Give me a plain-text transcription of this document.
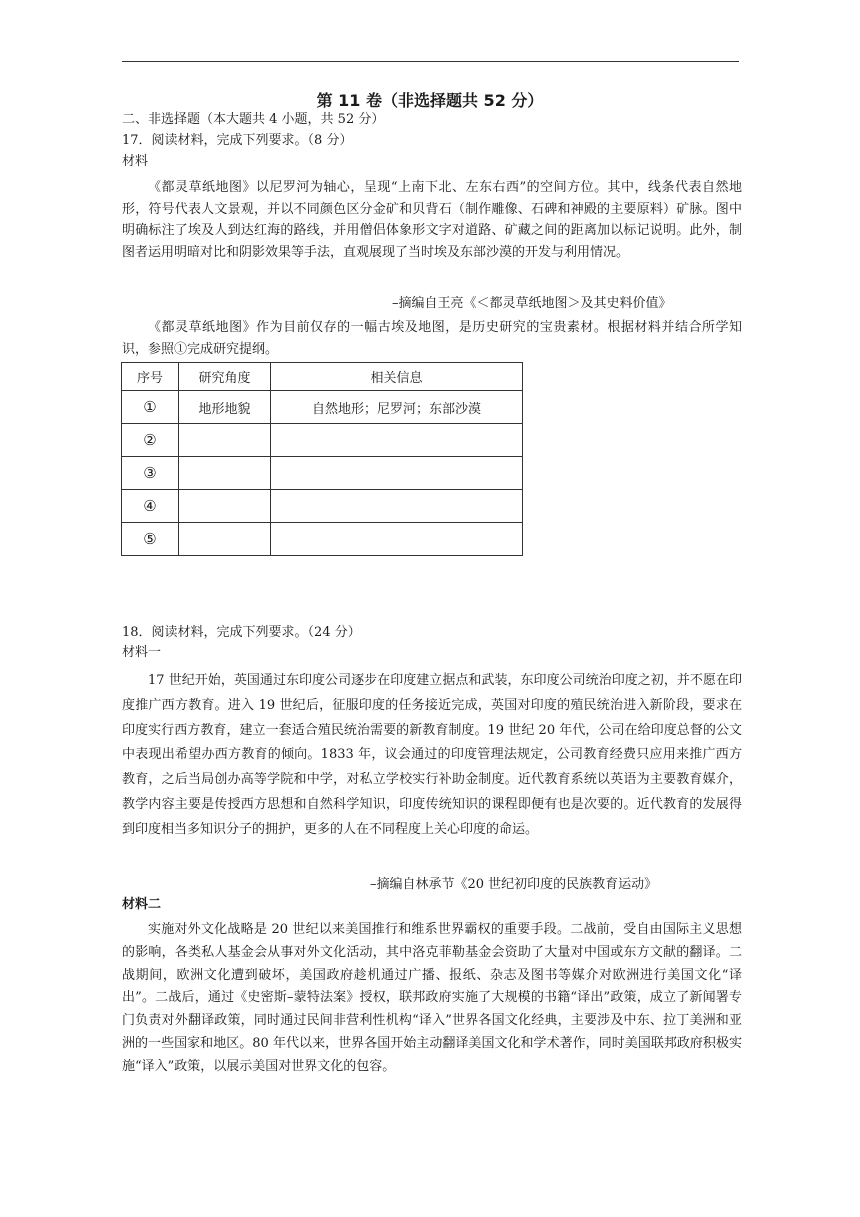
第 11 卷（非选择题共 52 分）
二、非选择题（本大题共 4 小题，共 52 分）
17．阅读材料，完成下列要求。（8 分）
材料
《都灵草纸地图》以尼罗河为轴心，呈现“上南下北、左东右西”的空间方位。其中，线条代表自然地形，符号代表人文景观，并以不同颜色区分金矿和贝背石（制作雕像、石碑和神殿的主要原料）矿脉。图中明确标注了埃及人到达红海的路线，并用僧侣体象形文字对道路、矿藏之间的距离加以标记说明。此外，制图者运用明暗对比和阴影效果等手法，直观展现了当时埃及东部沙漠的开发与利用情况。
–摘编自王亮《＜都灵草纸地图＞及其史料价值》
《都灵草纸地图》作为目前仅存的一幅古埃及地图，是历史研究的宝贵素材。根据材料并结合所学知识，参照①完成研究提纲。
序号	研究角度	相关信息
①	地形地貌	自然地形；尼罗河；东部沙漠
②		
③		
④		
⑤		
18．阅读材料，完成下列要求。（24 分）
材料一
17 世纪开始，英国通过东印度公司逐步在印度建立据点和武装，东印度公司统治印度之初，并不愿在印度推广西方教育。进入 19 世纪后，征服印度的任务接近完成，英国对印度的殖民统治进入新阶段，要求在印度实行西方教育，建立一套适合殖民统治需要的新教育制度。19 世纪 20 年代，公司在给印度总督的公文中表现出希望办西方教育的倾向。1833 年，议会通过的印度管理法规定，公司教育经费只应用来推广西方教育，之后当局创办高等学院和中学，对私立学校实行补助金制度。近代教育系统以英语为主要教育媒介，教学内容主要是传授西方思想和自然科学知识，印度传统知识的课程即便有也是次要的。近代教育的发展得到印度相当多知识分子的拥护，更多的人在不同程度上关心印度的命运。
–摘编自林承节《20 世纪初印度的民族教育运动》
材料二
实施对外文化战略是 20 世纪以来美国推行和维系世界霸权的重要手段。二战前，受自由国际主义思想的影响，各类私人基金会从事对外文化活动，其中洛克菲勒基金会资助了大量对中国或东方文献的翻译。二战期间，欧洲文化遭到破坏，美国政府趁机通过广播、报纸、杂志及图书等媒介对欧洲进行美国文化“译出”。二战后，通过《史密斯–蒙特法案》授权，联邦政府实施了大规模的书籍“译出”政策，成立了新闻署专门负责对外翻译政策，同时通过民间非营利性机构“译入”世界各国文化经典，主要涉及中东、拉丁美洲和亚洲的一些国家和地区。80 年代以来，世界各国开始主动翻译美国文化和学术著作，同时美国联邦政府积极实施“译入”政策，以展示美国对世界文化的包容。
